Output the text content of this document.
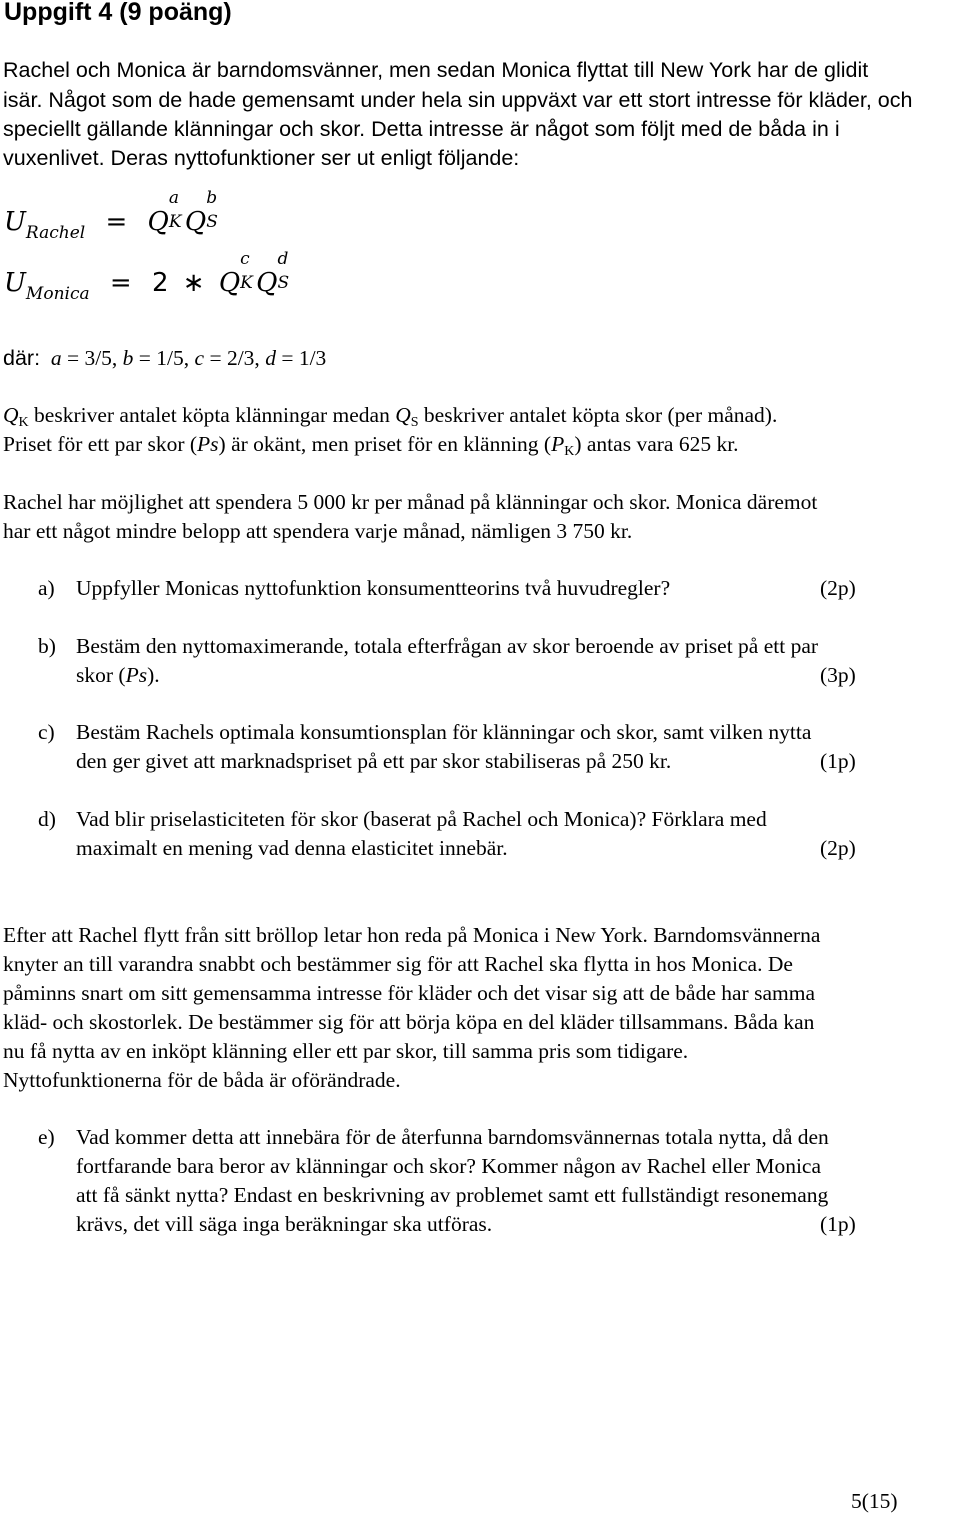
Uppgift 4 (9 poäng)
Rachel och Monica är barndomsvänner, men sedan Monica flyttat till New York har de glidit
isär. Något som de hade gemensamt under hela sin uppväxt var ett stort intresse för kläder, och
speciellt gällande klänningar och skor. Detta intresse är något som följt med de båda in i
vuxenlivet. Deras nyttofunktioner ser ut enligt följande:
$U_{Rachel} = Q$
a
K Q
b
S
$U_{Monica} = 2$ ∗ Q
c
K Q
d
S
där: a = 3/5, b = 1/5, c = 2/3, d = 1/3
QK beskriver antalet köpta klänningar medan QS beskriver antalet köpta skor (per månad).
Priset för ett par skor (Ps) är okänt, men priset för en klänning (PK) antas vara 625 kr.
Rachel har möjlighet att spendera 5 000 kr per månad på klänningar och skor. Monica däremot
har ett något mindre belopp att spendera varje månad, nämligen 3 750 kr.
a) Uppfyller Monicas nyttofunktion konsumentteorins två huvudregler?	(2p)
b) Bestäm den nyttomaximerande, totala efterfrågan av skor beroende av priset på ett par
skor (Ps).	(3p)
c) Bestäm Rachels optimala konsumtionsplan för klänningar och skor, samt vilken nytta
den ger givet att marknadspriset på ett par skor stabiliseras på 250 kr.	(1p)
d) Vad blir priselasticiteten för skor (baserat på Rachel och Monica)? Förklara med
maximalt en mening vad denna elasticitet innebär.	(2p)
Efter att Rachel flytt från sitt bröllop letar hon reda på Monica i New York. Barndomsvännerna
knyter an till varandra snabbt och bestämmer sig för att Rachel ska flytta in hos Monica. De
påminns snart om sitt gemensamma intresse för kläder och det visar sig att de både har samma
kläd- och skostorlek. De bestämmer sig för att börja köpa en del kläder tillsammans. Båda kan
nu få nytta av en inköpt klänning eller ett par skor, till samma pris som tidigare.
Nyttofunktionerna för de båda är oförändrade.
e) Vad kommer detta att innebära för de återfunna barndomsvännernas totala nytta, då den
fortfarande bara beror av klänningar och skor? Kommer någon av Rachel eller Monica
att få sänkt nytta? Endast en beskrivning av problemet samt ett fullständigt resonemang
krävs, det vill säga inga beräkningar ska utföras.	(1p)
5(15)
